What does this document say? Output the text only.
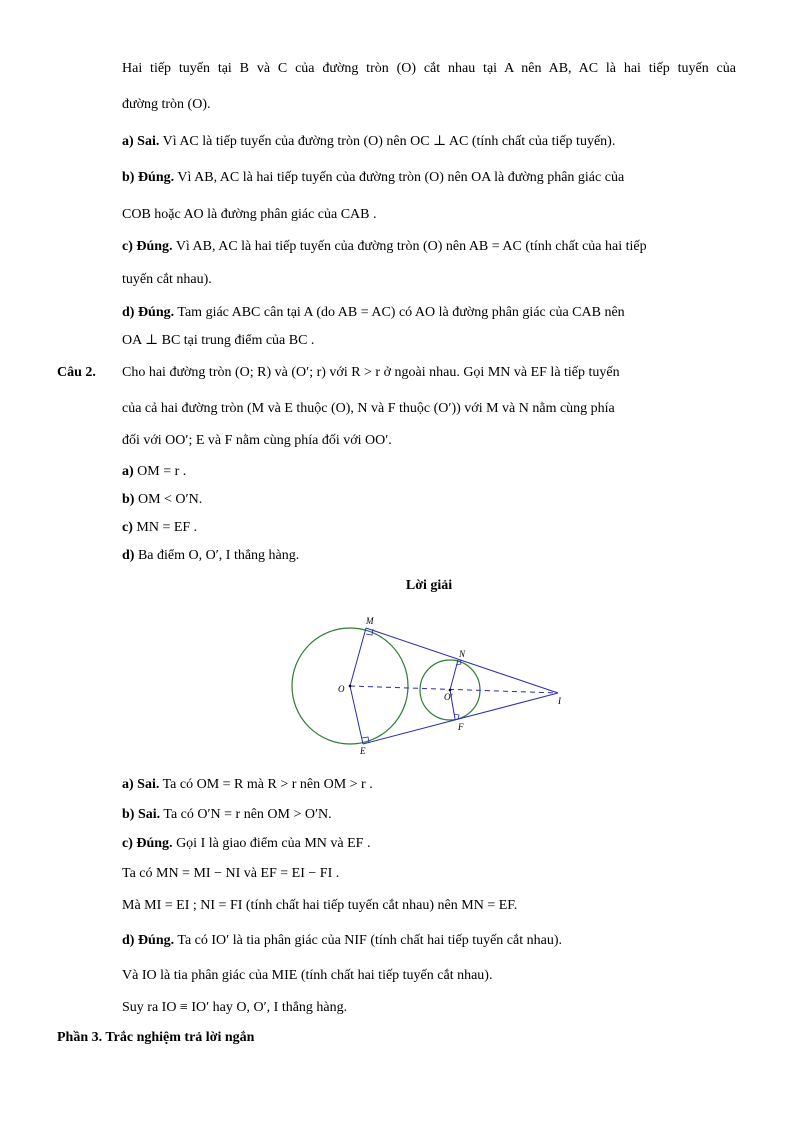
Hai tiếp tuyến tại B và C của đường tròn (O) cắt nhau tại A nên AB, AC là hai tiếp tuyến của
đường tròn (O).
a) Sai. Vì AC là tiếp tuyến của đường tròn (O) nên OC ⊥ AC (tính chất của tiếp tuyến).
b) Đúng. Vì AB, AC là hai tiếp tuyến của đường tròn (O) nên OA là đường phân giác của
COB hoặc AO là đường phân giác của CAB .
c) Đúng. Vì AB, AC là hai tiếp tuyến của đường tròn (O) nên AB = AC (tính chất của hai tiếp
tuyến cắt nhau).
d) Đúng. Tam giác ABC cân tại A (do AB = AC) có AO là đường phân giác của CAB nên
OA ⊥ BC tại trung điểm của BC .
Câu 2. Cho hai đường tròn (O; R) và (O′; r) với R > r ở ngoài nhau. Gọi MN và EF là tiếp tuyến
của cả hai đường tròn (M và E thuộc (O), N và F thuộc (O′)) với M và N nằm cùng phía
đối với OO′; E và F nằm cùng phía đối với OO′.
a) OM = r .
b) OM < O′N.
c) MN = EF .
d) Ba điểm O, O′, I thẳng hàng.
Lời giải
M
N
O
O′	I
E
F
a) Sai. Ta có OM = R mà R > r nên OM > r .
b) Sai. Ta có O′N = r nên OM > O′N.
c) Đúng. Gọi I là giao điểm của MN và EF .
Ta có MN = MI − NI và EF = EI − FI .
Mà MI = EI ; NI = FI (tính chất hai tiếp tuyến cắt nhau) nên MN = EF.
d) Đúng. Ta có IO′ là tia phân giác của NIF (tính chất hai tiếp tuyến cắt nhau).
Và IO là tia phân giác của MIE (tính chất hai tiếp tuyến cắt nhau).
Suy ra IO ≡ IO′ hay O, O′, I thẳng hàng.
Phần 3. Trắc nghiệm trả lời ngắn
